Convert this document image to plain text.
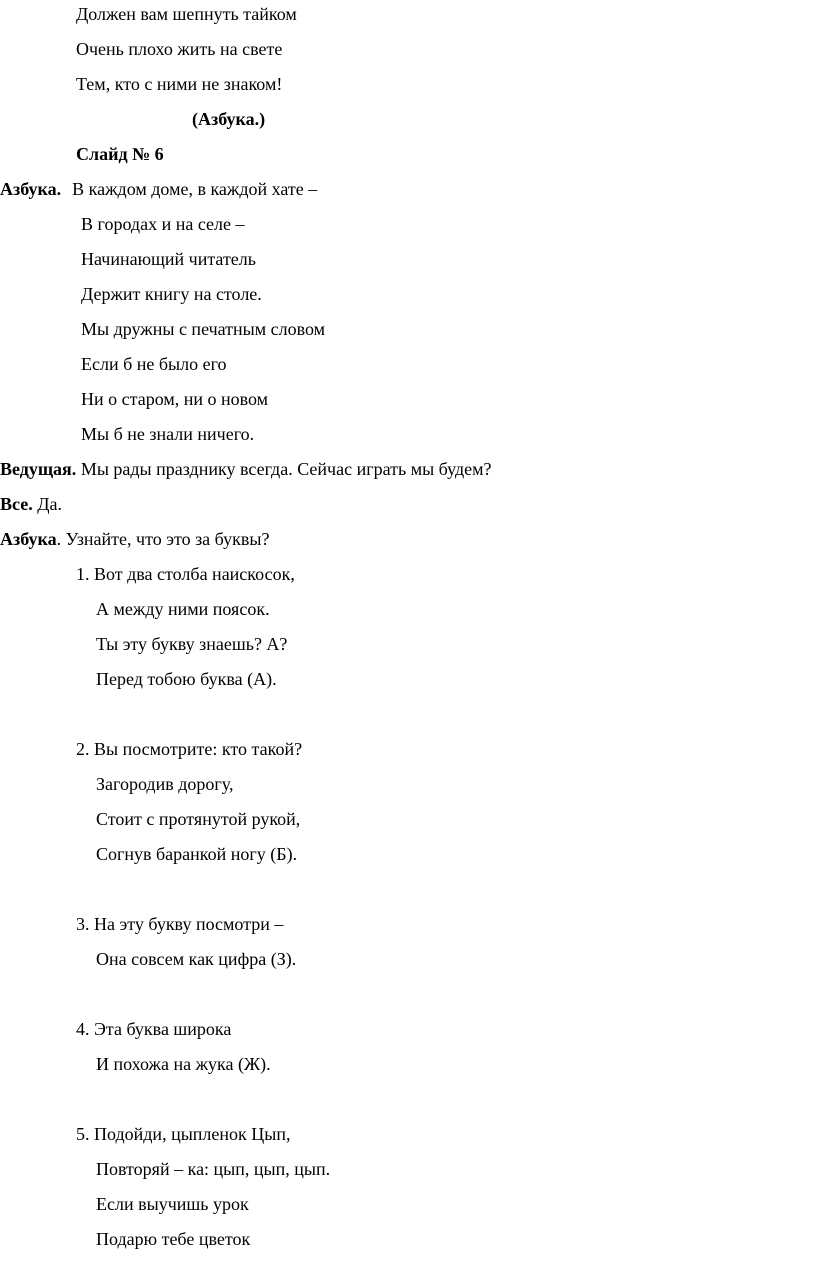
Должен вам шепнуть тайком

Очень плохо жить на свете

Тем, кто с ними не знаком!

(Азбука.)

Слайд № 6

Азбука. В каждом доме, в каждой хате –

В городах и на селе –

Начинающий читатель

Держит книгу на столе.

Мы дружны с печатным словом

Если б не было его

Ни о старом, ни о новом

Мы б не знали ничего.

Ведущая. Мы рады празднику всегда. Сейчас играть мы будем?

Все. Да.

Азбука. Узнайте, что это за буквы?

1. Вот два столба наискосок,

А между ними поясок.

Ты эту букву знаешь? А?

Перед тобою буква (А).

2. Вы посмотрите: кто такой?

Загородив дорогу,

Стоит с протянутой рукой,

Согнув баранкой ногу (Б).

3. На эту букву посмотри –

Она совсем как цифра (З).

4. Эта буква широка

И похожа на жука (Ж).

5. Подойди, цыпленок Цып,

Повторяй – ка: цып, цып, цып.

Если выучишь урок

Подарю тебе цветок
